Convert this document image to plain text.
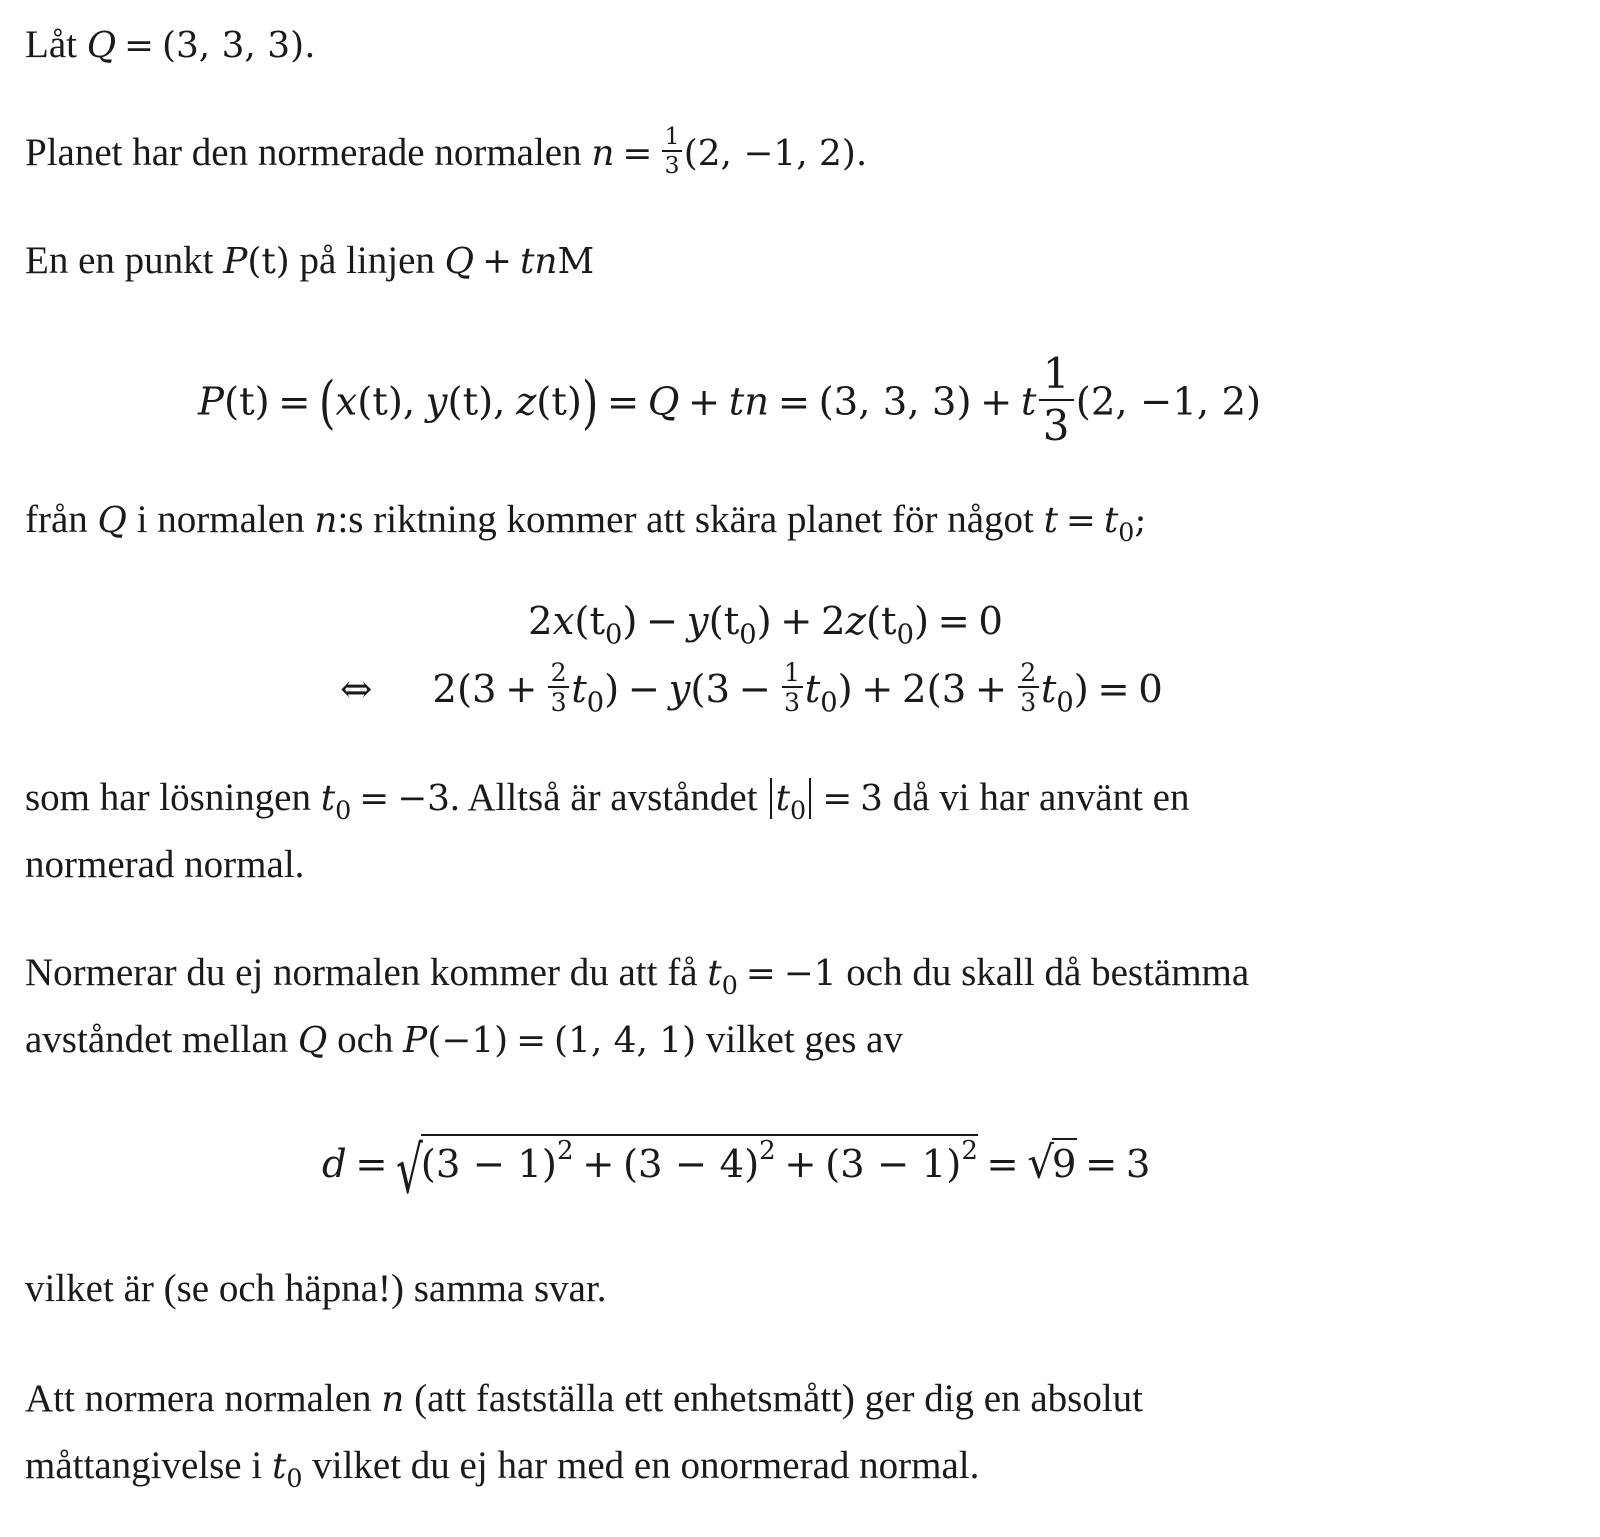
Låt Q = (3, 3, 3).
Planet har den normerade normalen $n = \frac{1}{3} (2$, −1, 2).
En en punkt P(t) på linjen Q + tnM
P(t) = (x(t), y(t), z(t)) = Q + tn = (3, 3, 3) + t $\frac{1}{3} (2$, −1, 2)
från Q i normalen n:s riktning kommer att skära planet för något $t = t_0$;
$2x(t_0) - y(t_0) + 2z(t_0) = 0$
⇔ $2(3 + \frac{2}{3} t_0) - y(3 - \frac{1}{3} t_0) + 2(3 + \frac{2}{3} t_0) = 0$
som har lösningen $t_0 = -3$. Alltså är avståndet $t_0 = 3$ då vi har använt en
normerad normal.
Normerar du ej normalen kommer du att få $t_0 = -1$ och du skall då bestämma
avståndet mellan Q och P(−1) = (1, 4, 1) vilket ges av
$d = √(3 - 1)^2 + (3 - 4)^2 + (3 - 1)^2 = √9 = 3$
vilket är (se och häpna!) samma svar.
Att normera normalen n (att fastställa ett enhetsmått) ger dig en absolut
måttangivelse i $t_0$ vilket du ej har med en onormerad normal.
